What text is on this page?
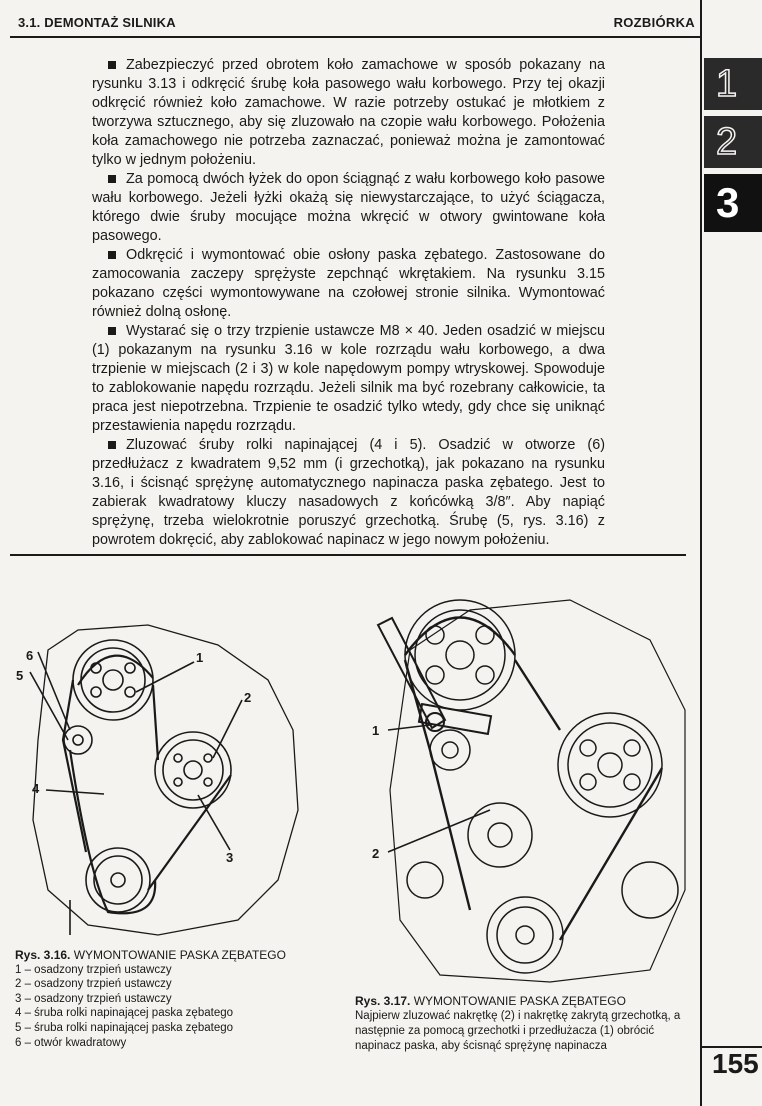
3.1. DEMONTAŻ SILNIKA	ROZBIÓRKA
1
2
3

Zabezpieczyć przed obrotem koło zamachowe w sposób pokazany na rysunku 3.13 i odkręcić śrubę koła pasowego wału korbowego. Przy tej okazji odkręcić również koło zamachowe. W razie potrzeby ostukać je młotkiem z tworzywa sztucznego, aby się zluzowało na czopie wału korbowego. Położenia koła zamachowego nie potrzeba zaznaczać, ponieważ można je zamontować tylko w jednym położeniu.

Za pomocą dwóch łyżek do opon ściągnąć z wału korbowego koło pasowe wału korbowego. Jeżeli łyżki okażą się niewystarczające, to użyć ściągacza, którego dwie śruby mocujące można wkręcić w otwory gwintowane koła pasowego.

Odkręcić i wymontować obie osłony paska zębatego. Zastosowane do zamocowania zaczepy sprężyste zepchnąć wkrętakiem. Na rysunku 3.15 pokazano części wymontowywane na czołowej stronie silnika. Wymontować również dolną osłonę.

Wystarać się o trzy trzpienie ustawcze M8 × 40. Jeden osadzić w miejscu (1) pokazanym na rysunku 3.16 w kole rozrządu wału korbowego, a dwa trzpienie w miejscach (2 i 3) w kole napędowym pompy wtryskowej. Spowoduje to zablokowanie napędu rozrządu. Jeżeli silnik ma być rozebrany całkowicie, ta praca jest niepotrzebna. Trzpienie te osadzić tylko wtedy, gdy chce się uniknąć przestawienia napędu rozrządu.

Zluzować śruby rolki napinającej (4 i 5). Osadzić w otworze (6) przedłużacz z kwadratem 9,52 mm (i grzechotką), jak pokazano na rysunku 3.16, i ścisnąć sprężynę automatycznego napinacza paska zębatego. Jest to zabierak kwadratowy kluczy nasadowych z końcówką 3/8″. Aby napiąć sprężynę, trzeba wielokrotnie poruszyć grzechotką. Śrubę (5, rys. 3.16) z powrotem dokręcić, aby zablokować napinacz w jego nowym położeniu.

6
5
1
2
4
3
1
2
Rys. 3.16. WYMONTOWANIE PASKA ZĘBATEGO
1 – osadzony trzpień ustawczy
2 – osadzony trzpień ustawczy
3 – osadzony trzpień ustawczy
4 – śruba rolki napinającej paska zębatego
5 – śruba rolki napinającej paska zębatego
6 – otwór kwadratowy
Rys. 3.17. WYMONTOWANIE PASKA ZĘBATEGO
Najpierw zluzować nakrętkę (2) i nakrętkę zakrytą grzechotką, a następnie za pomocą grzechotki i przedłużacza (1) obrócić napinacz paska, aby ścisnąć sprężynę napinacza
155
